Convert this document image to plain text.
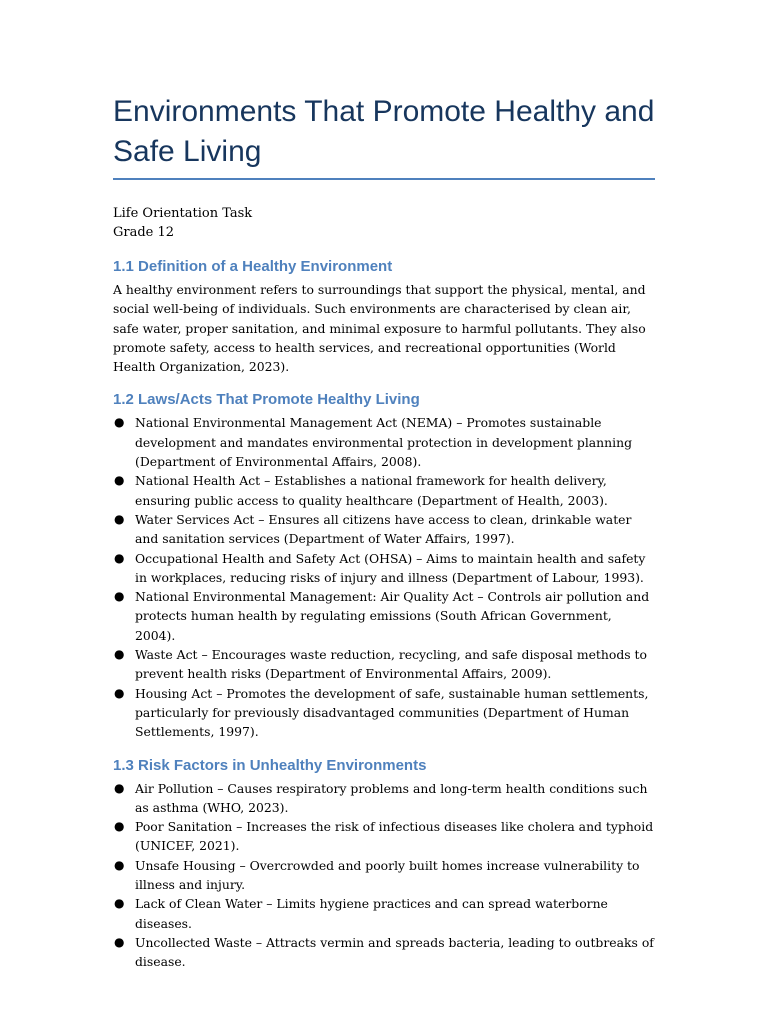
Environments That Promote Healthy and Safe Living
Life Orientation Task
Grade 12
1.1 Definition of a Healthy Environment

A healthy environment refers to surroundings that support the physical, mental, and social well-being of individuals. Such environments are characterised by clean air, safe water, proper sanitation, and minimal exposure to harmful pollutants. They also promote safety, access to health services, and recreational opportunities (World Health Organization, 2023).

1.2 Laws/Acts That Promote Healthy Living
● National Environmental Management Act (NEMA) – Promotes sustainable development and mandates environmental protection in development planning (Department of Environmental Affairs, 2008).
● National Health Act – Establishes a national framework for health delivery, ensuring public access to quality healthcare (Department of Health, 2003).
● Water Services Act – Ensures all citizens have access to clean, drinkable water and sanitation services (Department of Water Affairs, 1997).
● Occupational Health and Safety Act (OHSA) – Aims to maintain health and safety in workplaces, reducing risks of injury and illness (Department of Labour, 1993).
● National Environmental Management: Air Quality Act – Controls air pollution and protects human health by regulating emissions (South African Government, 2004).
● Waste Act – Encourages waste reduction, recycling, and safe disposal methods to prevent health risks (Department of Environmental Affairs, 2009).
● Housing Act – Promotes the development of safe, sustainable human settlements, particularly for previously disadvantaged communities (Department of Human Settlements, 1997).
1.3 Risk Factors in Unhealthy Environments
● Air Pollution – Causes respiratory problems and long-term health conditions such as asthma (WHO, 2023).
● Poor Sanitation – Increases the risk of infectious diseases like cholera and typhoid (UNICEF, 2021).
● Unsafe Housing – Overcrowded and poorly built homes increase vulnerability to illness and injury.
● Lack of Clean Water – Limits hygiene practices and can spread waterborne diseases.
● Uncollected Waste – Attracts vermin and spreads bacteria, leading to outbreaks of disease.
